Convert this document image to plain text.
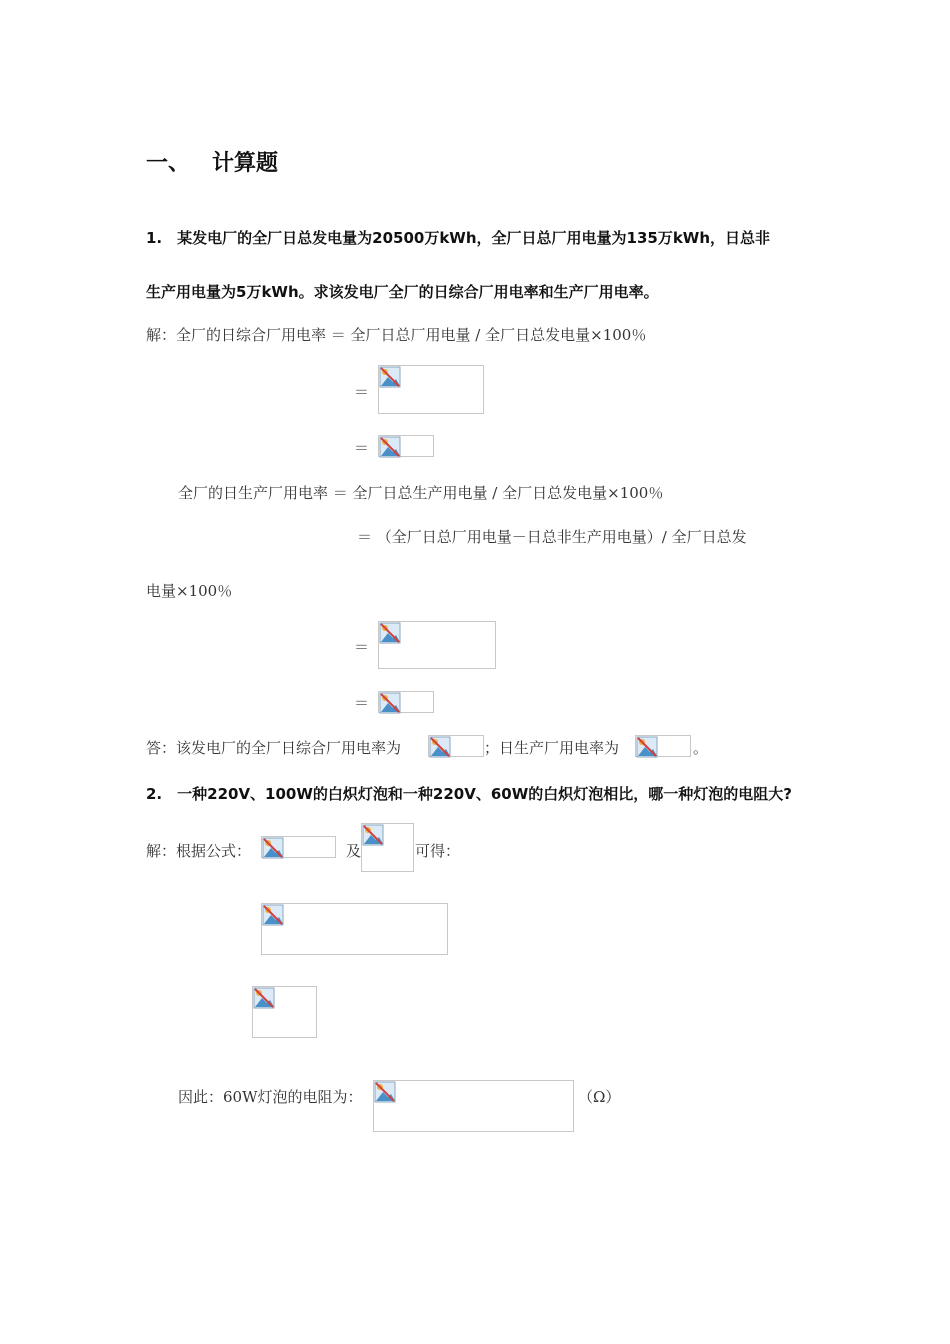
一、 计算题
1.　某发电厂的全厂日总发电量为20500万kWh，全厂日总厂用电量为135万kWh，日总非
生产用电量为5万kWh。求该发电厂全厂的日综合厂用电率和生产厂用电率。
解：全厂的日综合厂用电率 ＝ 全厂日总厂用电量 / 全厂日总发电量×100％
＝
＝
全厂的日生产厂用电率 ＝ 全厂日总生产用电量 / 全厂日总发电量×100％
＝ （全厂日总厂用电量－日总非生产用电量）/ 全厂日总发
电量×100％
＝
＝
答：该发电厂的全厂日综合厂用电率为	；日生产厂用电率为	。
2.　一种220V、100W的白炽灯泡和一种220V、60W的白炽灯泡相比，哪一种灯泡的电阻大?
解：根据公式：	及	可得：
因此：60W灯泡的电阻为：	（Ω）
